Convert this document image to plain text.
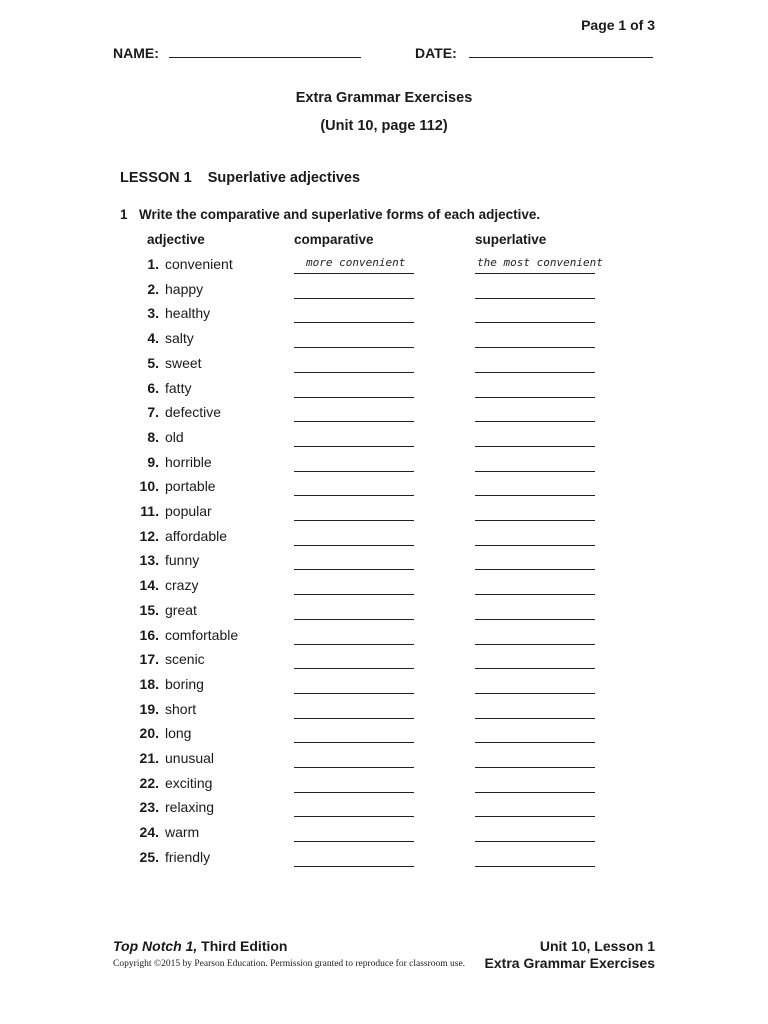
Page 1 of 3
NAME:	DATE:
Extra Grammar Exercises
(Unit 10, page 112)
LESSON 1 Superlative adjectives
1 Write the comparative and superlative forms of each adjective.
adjective	comparative	superlative
1. convenient	more convenient	the most convenient
2. happy
3. healthy
4. salty
5. sweet
6. fatty
7. defective
8. old
9. horrible
10. portable
11. popular
12. affordable
13. funny
14. crazy
15. great
16. comfortable
17. scenic
18. boring
19. short
20. long
21. unusual
22. exciting
23. relaxing
24. warm
25. friendly
Top Notch 1, Third Edition
Copyright ©2015 by Pearson Education. Permission granted to reproduce for classroom use.
Unit 10, Lesson 1
Extra Grammar Exercises
